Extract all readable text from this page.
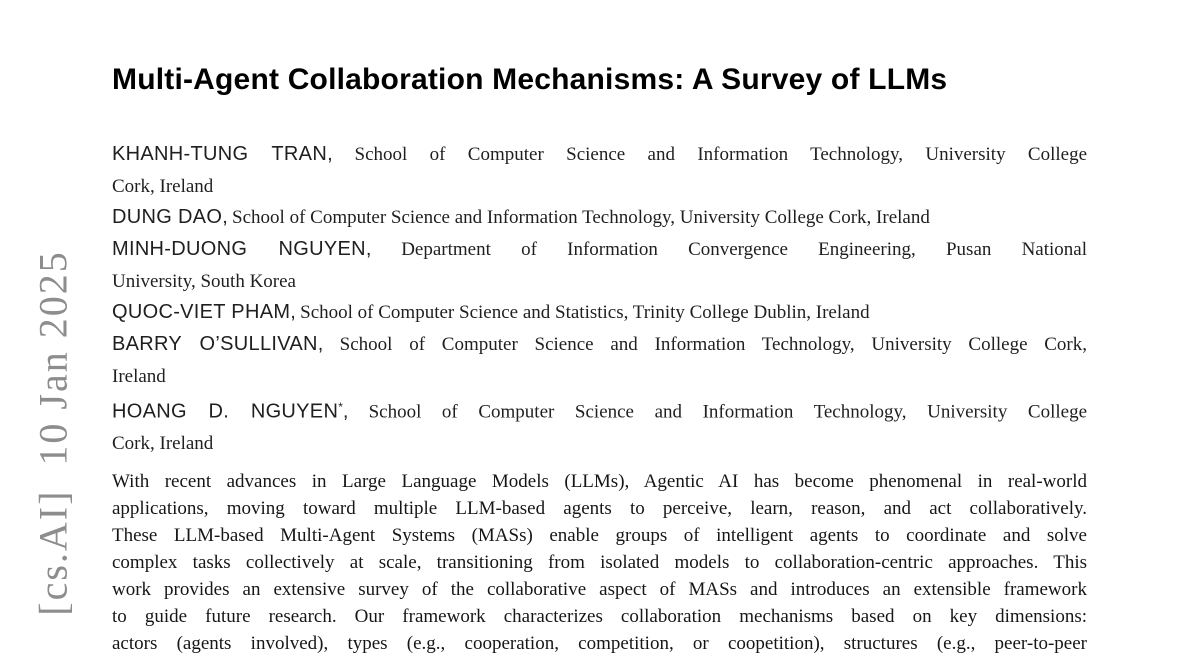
[cs.AI]  10 Jan 2025
Multi-Agent Collaboration Mechanisms: A Survey of LLMs
KHANH-TUNG TRAN, School of Computer Science and Information Technology, University College
Cork, Ireland
DUNG DAO, School of Computer Science and Information Technology, University College Cork, Ireland
MINH-DUONG NGUYEN, Department of Information Convergence Engineering, Pusan National
University, South Korea
QUOC-VIET PHAM, School of Computer Science and Statistics, Trinity College Dublin, Ireland
BARRY O’SULLIVAN, School of Computer Science and Information Technology, University College Cork,
Ireland
HOANG D. NGUYEN*, School of Computer Science and Information Technology, University College
Cork, Ireland
With recent advances in Large Language Models (LLMs), Agentic AI has become phenomenal in real-world
applications, moving toward multiple LLM-based agents to perceive, learn, reason, and act collaboratively.
These LLM-based Multi-Agent Systems (MASs) enable groups of intelligent agents to coordinate and solve
complex tasks collectively at scale, transitioning from isolated models to collaboration-centric approaches. This
work provides an extensive survey of the collaborative aspect of MASs and introduces an extensible framework
to guide future research. Our framework characterizes collaboration mechanisms based on key dimensions:
actors (agents involved), types (e.g., cooperation, competition, or coopetition), structures (e.g., peer-to-peer
